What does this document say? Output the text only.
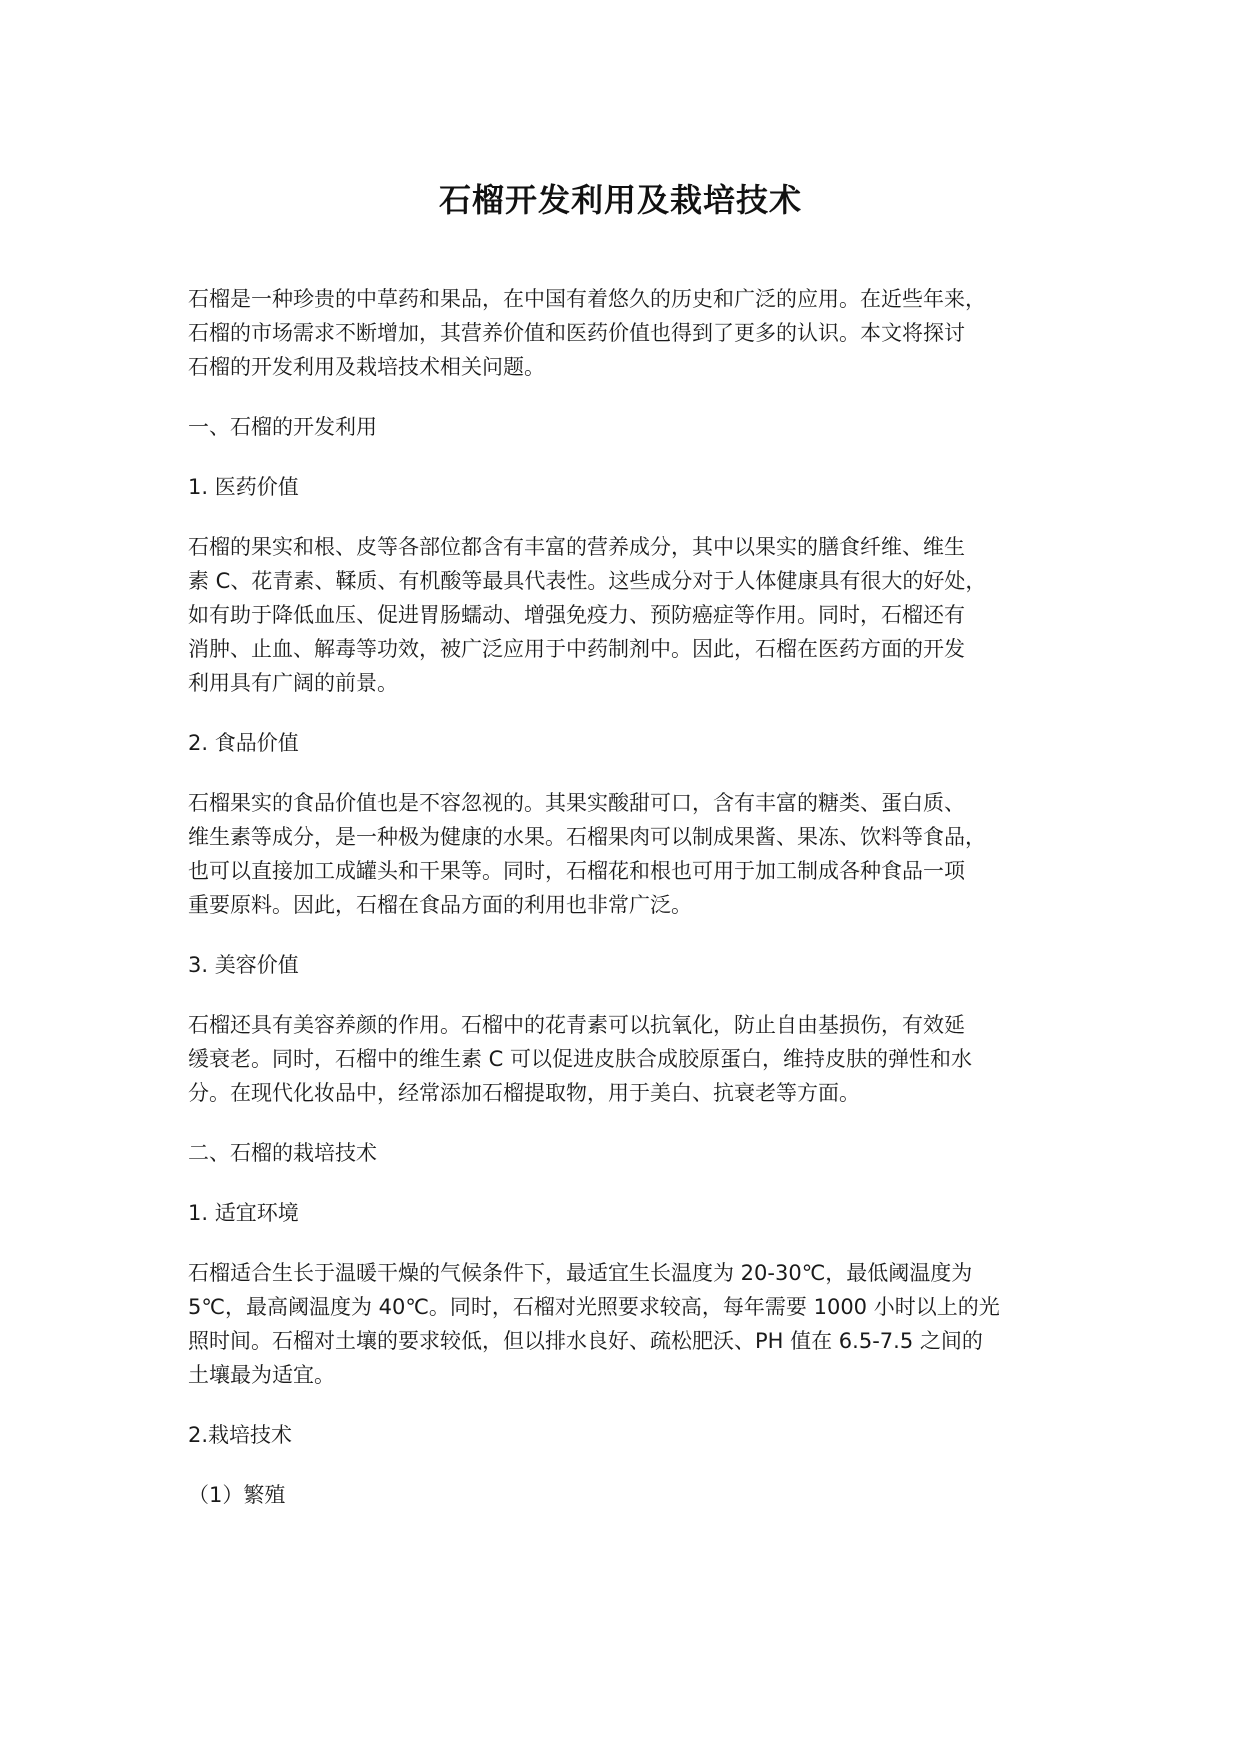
石榴开发利用及栽培技术
石榴是一种珍贵的中草药和果品，在中国有着悠久的历史和广泛的应用。在近些年来，
石榴的市场需求不断增加，其营养价值和医药价值也得到了更多的认识。本文将探讨
石榴的开发利用及栽培技术相关问题。
一、石榴的开发利用
1. 医药价值
石榴的果实和根、皮等各部位都含有丰富的营养成分，其中以果实的膳食纤维、维生
素 C、花青素、鞣质、有机酸等最具代表性。这些成分对于人体健康具有很大的好处，
如有助于降低血压、促进胃肠蠕动、增强免疫力、预防癌症等作用。同时，石榴还有
消肿、止血、解毒等功效，被广泛应用于中药制剂中。因此，石榴在医药方面的开发
利用具有广阔的前景。
2. 食品价值
石榴果实的食品价值也是不容忽视的。其果实酸甜可口，含有丰富的糖类、蛋白质、
维生素等成分，是一种极为健康的水果。石榴果肉可以制成果酱、果冻、饮料等食品，
也可以直接加工成罐头和干果等。同时，石榴花和根也可用于加工制成各种食品一项
重要原料。因此，石榴在食品方面的利用也非常广泛。
3. 美容价值
石榴还具有美容养颜的作用。石榴中的花青素可以抗氧化，防止自由基损伤，有效延
缓衰老。同时，石榴中的维生素 C 可以促进皮肤合成胶原蛋白，维持皮肤的弹性和水
分。在现代化妆品中，经常添加石榴提取物，用于美白、抗衰老等方面。
二、石榴的栽培技术
1. 适宜环境
石榴适合生长于温暖干燥的气候条件下，最适宜生长温度为 20-30℃，最低阈温度为
5℃，最高阈温度为 40℃。同时，石榴对光照要求较高，每年需要 1000 小时以上的光
照时间。石榴对土壤的要求较低，但以排水良好、疏松肥沃、PH 值在 6.5-7.5 之间的
土壤最为适宜。
2.栽培技术
（1）繁殖
